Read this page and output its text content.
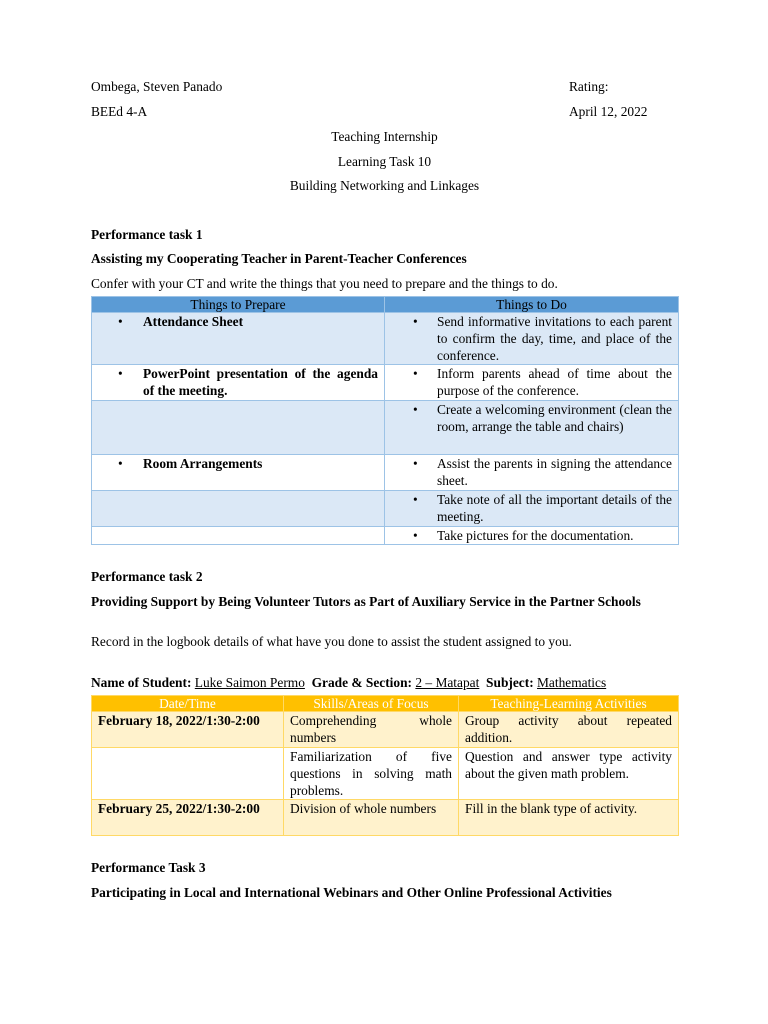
Ombega, Steven Panado	Rating:
BEEd 4-A	April 12, 2022
Teaching Internship
Learning Task 10
Building Networking and Linkages
Performance task 1
Assisting my Cooperating Teacher in Parent-Teacher Conferences
Confer with your CT and write the things that you need to prepare and the things to do.
Things to Prepare	Things to Do

• Attendance Sheet	• Send informative invitations to each parent to confirm the day, time, and place of the conference.

• PowerPoint presentation of the agenda of the meeting.	• Inform parents ahead of time about the purpose of the conference.

	• Create a welcoming environment (clean the room, arrange the table and chairs)

• Room Arrangements	• Assist the parents in signing the attendance sheet.

	• Take note of all the important details of the meeting.

	• Take pictures for the documentation.
Performance task 2
Providing Support by Being Volunteer Tutors as Part of Auxiliary Service in the Partner Schools
Record in the logbook details of what have you done to assist the student assigned to you.
Name of Student: Luke Saimon Permo Grade & Section: 2 – Matapat Subject: Mathematics
Date/Time	Skills/Areas of Focus	Teaching-Learning Activities
February 18, 2022/1:30-2:00	Comprehending whole numbers	Group activity about repeated addition.
	Familiarization of five questions in solving math problems.	Question and answer type activity about the given math problem.
February 25, 2022/1:30-2:00	Division of whole numbers	Fill in the blank type of activity.
Performance Task 3
Participating in Local and International Webinars and Other Online Professional Activities
